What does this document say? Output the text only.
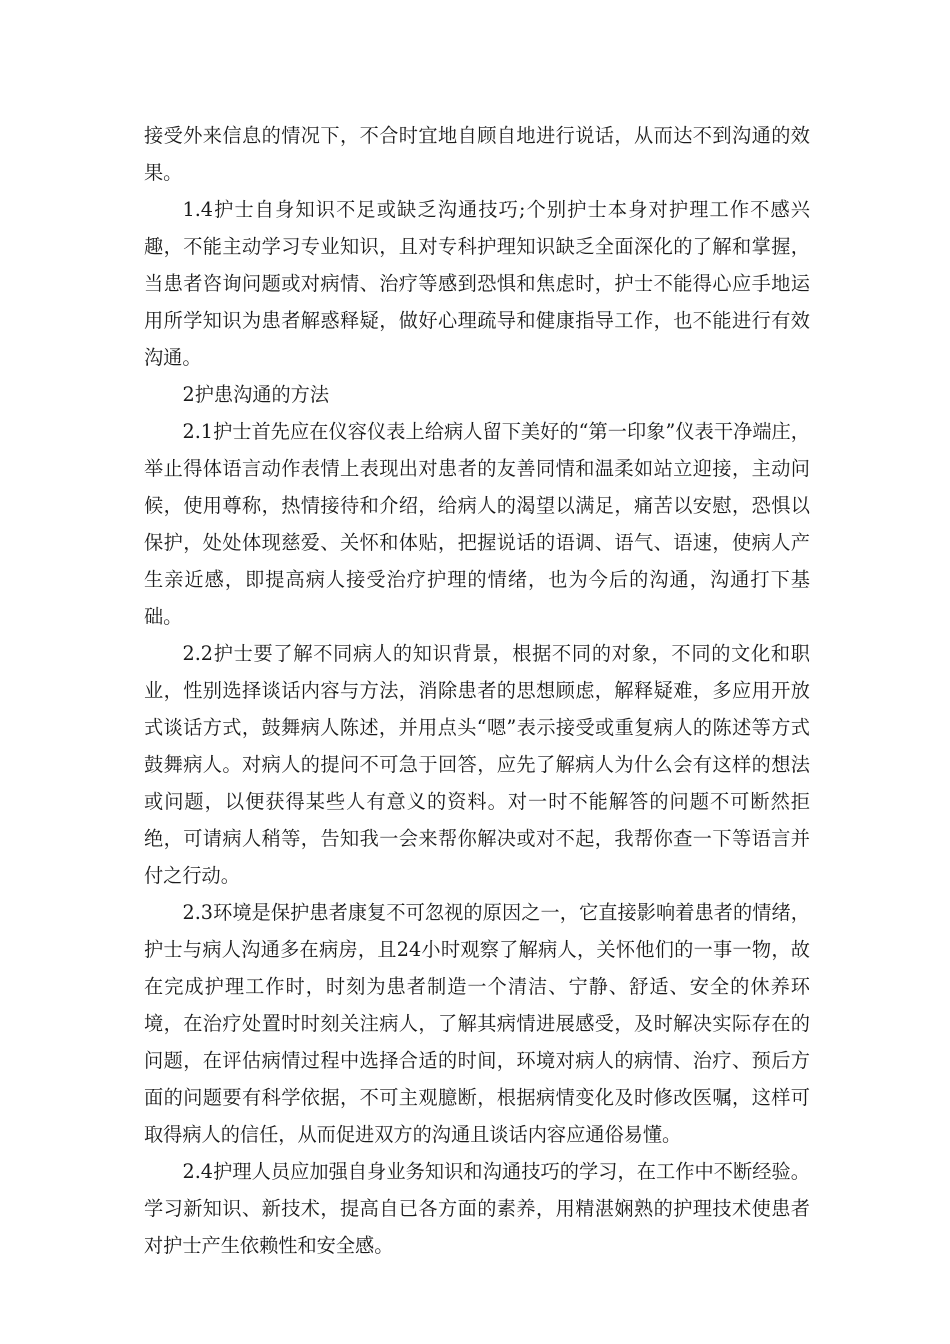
接受外来信息的情况下，不合时宜地自顾自地进行说话，从而达不到沟通的效果。

1.4护士自身知识不足或缺乏沟通技巧;个别护士本身对护理工作不感兴趣，不能主动学习专业知识，且对专科护理知识缺乏全面深化的了解和掌握，当患者咨询问题或对病情、治疗等感到恐惧和焦虑时，护士不能得心应手地运用所学知识为患者解惑释疑，做好心理疏导和健康指导工作，也不能进行有效沟通。

2护患沟通的方法

2.1护士首先应在仪容仪表上给病人留下美好的“第一印象”仪表干净端庄，举止得体语言动作表情上表现出对患者的友善同情和温柔如站立迎接，主动问候，使用尊称，热情接待和介绍，给病人的渴望以满足，痛苦以安慰，恐惧以保护，处处体现慈爱、关怀和体贴，把握说话的语调、语气、语速，使病人产生亲近感，即提高病人接受治疗护理的情绪，也为今后的沟通，沟通打下基础。

2.2护士要了解不同病人的知识背景，根据不同的对象，不同的文化和职业，性别选择谈话内容与方法，消除患者的思想顾虑，解释疑难，多应用开放式谈话方式，鼓舞病人陈述，并用点头“嗯”表示接受或重复病人的陈述等方式鼓舞病人。对病人的提问不可急于回答，应先了解病人为什么会有这样的想法或问题，以便获得某些人有意义的资料。对一时不能解答的问题不可断然拒绝，可请病人稍等，告知我一会来帮你解决或对不起，我帮你查一下等语言并付之行动。

2.3环境是保护患者康复不可忽视的原因之一，它直接影响着患者的情绪，护士与病人沟通多在病房，且24小时观察了解病人，关怀他们的一事一物，故在完成护理工作时，时刻为患者制造一个清洁、宁静、舒适、安全的休养环境，在治疗处置时时刻关注病人，了解其病情进展感受，及时解决实际存在的问题，在评估病情过程中选择合适的时间，环境对病人的病情、治疗、预后方面的问题要有科学依据，不可主观臆断，根据病情变化及时修改医嘱，这样可取得病人的信任，从而促进双方的沟通且谈话内容应通俗易懂。

2.4护理人员应加强自身业务知识和沟通技巧的学习，在工作中不断经验。学习新知识、新技术，提高自已各方面的素养，用精湛娴熟的护理技术使患者对护士产生依赖性和安全感。
